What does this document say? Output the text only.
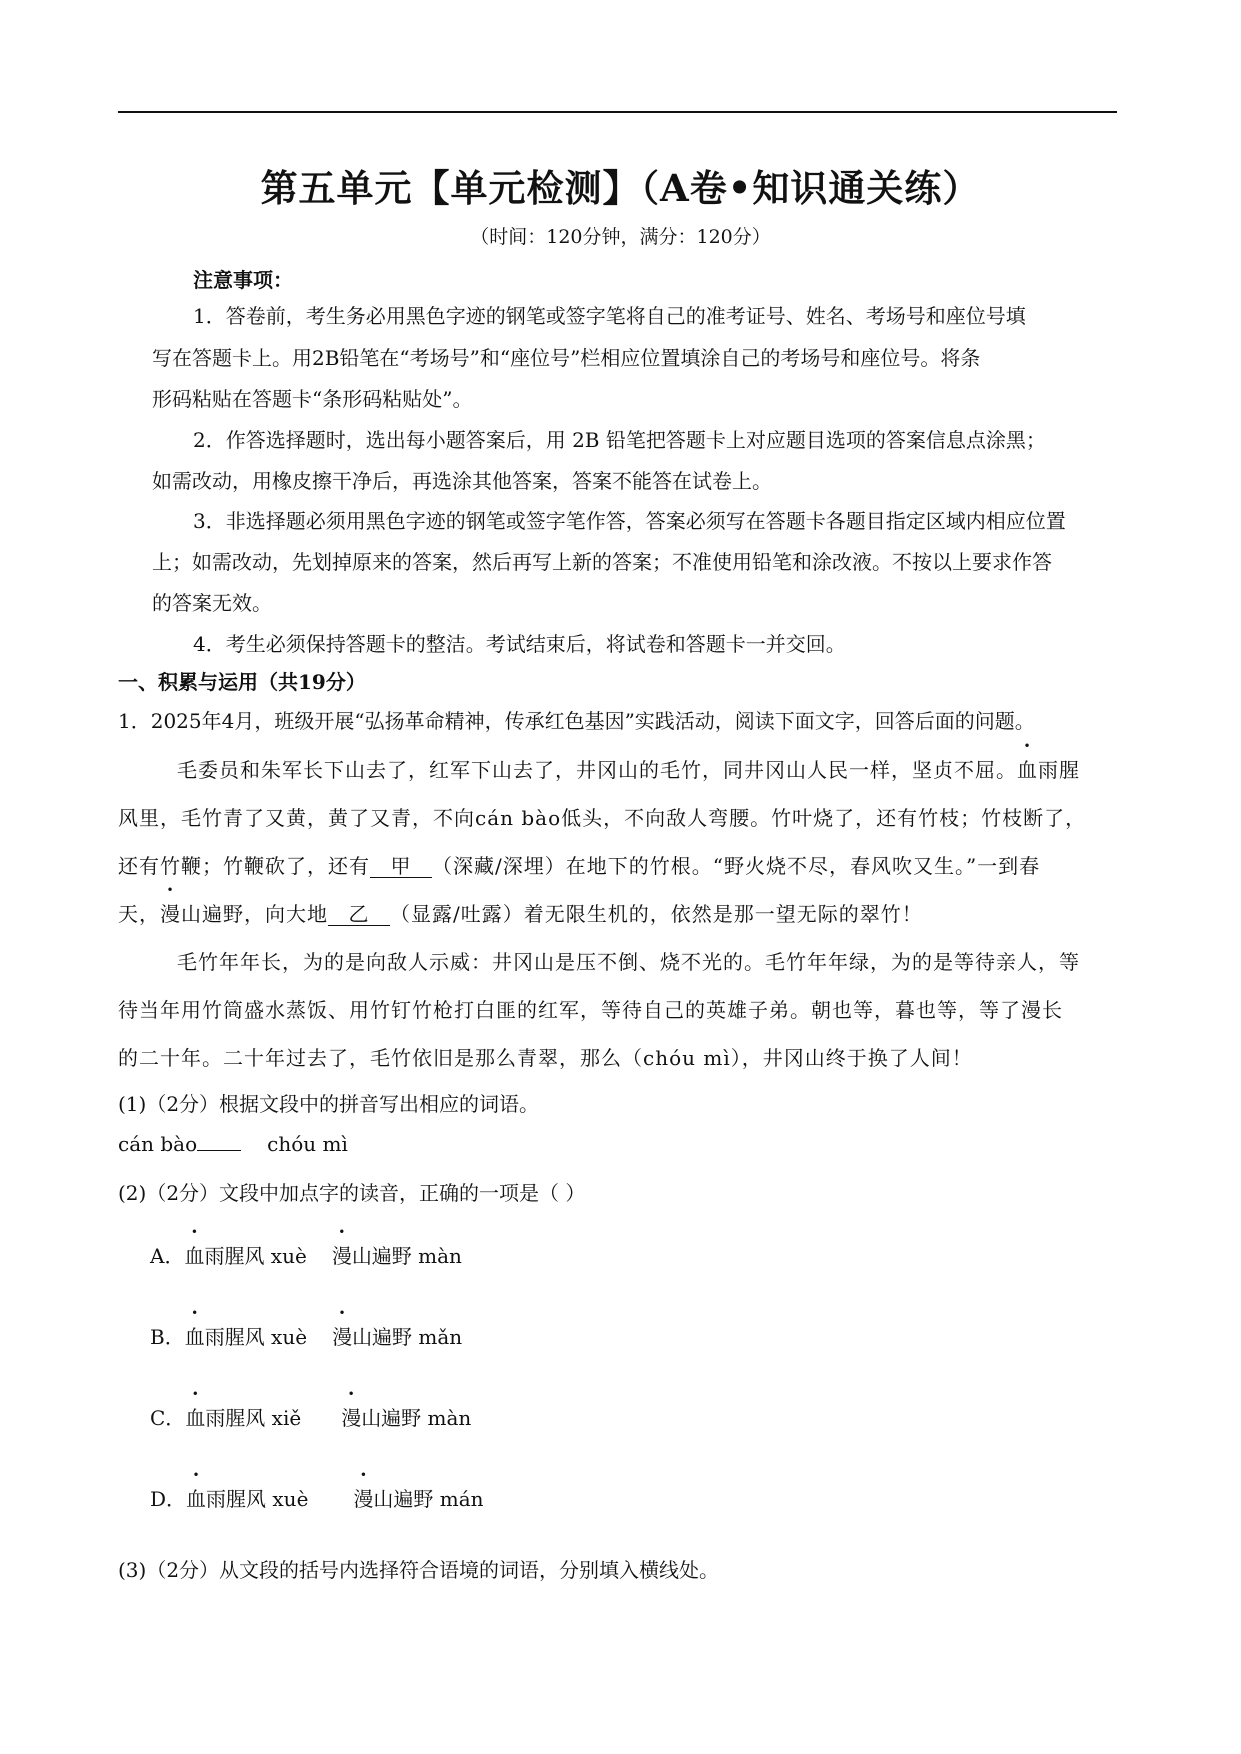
第五单元【单元检测】（A卷•知识通关练）
（时间：120分钟，满分：120分）
注意事项：
1．答卷前，考生务必用黑色字迹的钢笔或签字笔将自己的准考证号、姓名、考场号和座位号填
写在答题卡上。用2B铅笔在“考场号”和“座位号”栏相应位置填涂自己的考场号和座位号。将条
形码粘贴在答题卡“条形码粘贴处”。
2．作答选择题时，选出每小题答案后，用 2B 铅笔把答题卡上对应题目选项的答案信息点涂黑；
如需改动，用橡皮擦干净后，再选涂其他答案，答案不能答在试卷上。
3．非选择题必须用黑色字迹的钢笔或签字笔作答，答案必须写在答题卡各题目指定区域内相应位置
上；如需改动，先划掉原来的答案，然后再写上新的答案；不准使用铅笔和涂改液。不按以上要求作答
的答案无效。
4．考生必须保持答题卡的整洁。考试结束后，将试卷和答题卡一并交回。
一、积累与运用（共19分）
1．2025年4月，班级开展“弘扬革命精神，传承红色基因”实践活动，阅读下面文字，回答后面的问题。
毛委员和朱军长下山去了，红军下山去了，井冈山的毛竹，同井冈山人民一样，坚贞不屈。血雨腥
风里，毛竹青了又黄，黄了又青，不向cán bào低头，不向敌人弯腰。竹叶烧了，还有竹枝；竹枝断了，
还有竹鞭；竹鞭砍了，还有 甲 （深藏/深埋）在地下的竹根。“野火烧不尽，春风吹又生。”一到春
天，漫山遍野，向大地 乙 （显露/吐露）着无限生机的，依然是那一望无际的翠竹！
毛竹年年长，为的是向敌人示威：井冈山是压不倒、烧不光的。毛竹年年绿，为的是等待亲人，等
待当年用竹筒盛水蒸饭、用竹钉竹枪打白匪的红军，等待自己的英雄子弟。朝也等，暮也等，等了漫长
的二十年。二十年过去了，毛竹依旧是那么青翠，那么（chóu mì），井冈山终于换了人间！
(1)（2分）根据文段中的拼音写出相应的词语。
cán bào	chóu mì
(2)（2分）文段中加点字的读音，正确的一项是（ ）
A．血雨腥风 xuè 漫山遍野 màn
B．血雨腥风 xuè 漫山遍野 mǎn
C．血雨腥风 xiě 漫山遍野 màn
D．血雨腥风 xuè 漫山遍野 mán
(3)（2分）从文段的括号内选择符合语境的词语，分别填入横线处。
